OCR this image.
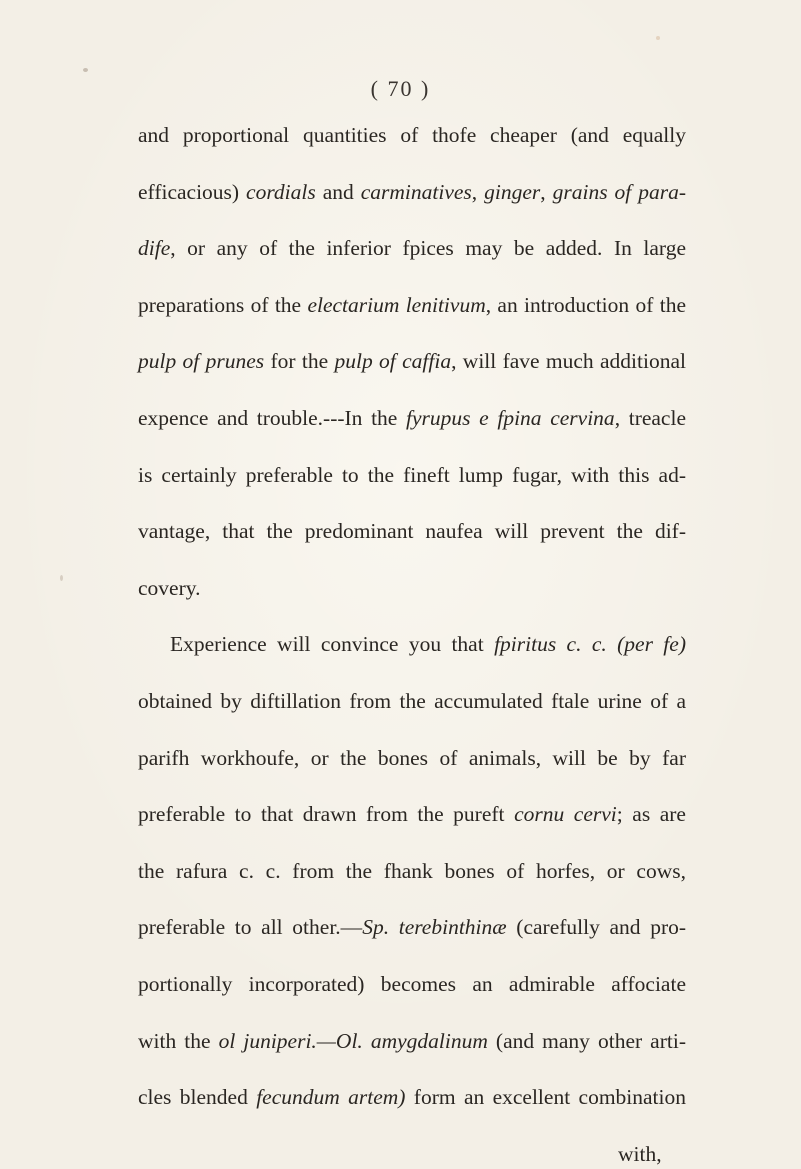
( 70 )
and proportional quantities of thofe cheaper (and equally
efficacious) cordials and carminatives, ginger, grains of para-
dife, or any of the inferior fpices may be added. In large
preparations of the electarium lenitivum, an introduction of the
pulp of prunes for the pulp of caffia, will fave much additional
expence and trouble.---In the fyrupus e fpina cervina, treacle
is certainly preferable to the fineft lump fugar, with this ad-
vantage, that the predominant naufea will prevent the dif-
covery.
Experience will convince you that fpiritus c. c. (per fe)
obtained by diftillation from the accumulated ftale urine of a
parifh workhoufe, or the bones of animals, will be by far
preferable to that drawn from the pureft cornu cervi; as are
the rafura c. c. from the fhank bones of horfes, or cows,
preferable to all other.—Sp. terebinthinæ (carefully and pro-
portionally incorporated) becomes an admirable affociate
with the ol juniperi.—Ol. amygdalinum (and many other arti-
cles blended fecundum artem) form an excellent combination
with,
